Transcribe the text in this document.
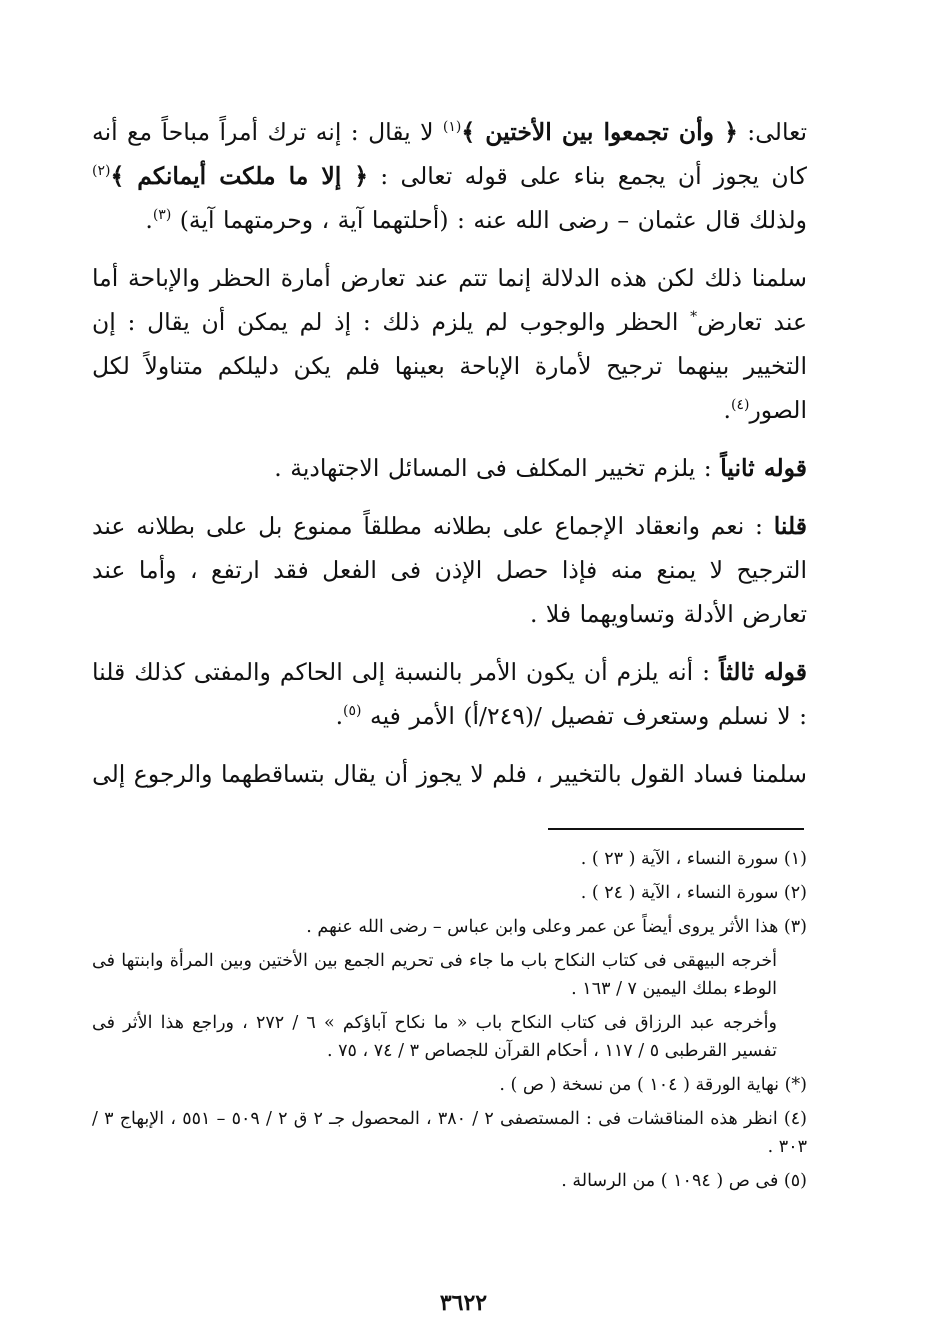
تعالى: ﴿ وأن تجمعوا بين الأختين ﴾$^{(١)}$ لا يقال : إنه ترك أمراً مباحاً مع أنه كان يجوز أن يجمع بناء على قوله تعالى : ﴿ إلا ما ملكت أيمانكم ﴾$^{(٢)}$ ولذلك قال عثمان – رضى الله عنه : (أحلتهما آية ، وحرمتهما آية) $^{(٣)}$.

سلمنا ذلك لكن هذه الدلالة إنما تتم عند تعارض أمارة الحظر والإباحة أما عند تعارض* الحظر والوجوب لم يلزم ذلك : إذ لم يمكن أن يقال : إن التخيير بينهما ترجيح لأمارة الإباحة بعينها فلم يكن دليلكم متناولاً لكل الصور$^{(٤)}$.

قوله ثانياً : يلزم تخيير المكلف فى المسائل الاجتهادية .

قلنا : نعم وانعقاد الإجماع على بطلانه مطلقاً ممنوع بل على بطلانه عند الترجيح لا يمنع منه فإذا حصل الإذن فى الفعل فقد ارتفع ، وأما عند تعارض الأدلة وتساويهما فلا .

قوله ثالثاً : أنه يلزم أن يكون الأمر بالنسبة إلى الحاكم والمفتى كذلك قلنا : لا نسلم وستعرف تفصيل /(٢٤٩/أ) الأمر فيه $^{(٥)}$.

سلمنا فساد القول بالتخيير ، فلم لا يجوز أن يقال بتساقطهما والرجوع إلى

(١) سورة النساء ، الآية ( ٢٣ ) .

(٢) سورة النساء ، الآية ( ٢٤ ) .

(٣) هذا الأثر يروى أيضاً عن عمر وعلى وابن عباس – رضى الله عنهم .

أخرجه البيهقى فى كتاب النكاح باب ما جاء فى تحريم الجمع بين الأختين وبين المرأة وابنتها فى الوطء بملك اليمين ٧ / ١٦٣ .

وأخرجه عبد الرزاق فى كتاب النكاح باب « ما نكاح آباؤكم » ٦ / ٢٧٢ ، وراجع هذا الأثر فى تفسير القرطبى ٥ / ١١٧ ، أحكام القرآن للجصاص ٣ / ٧٤ ، ٧٥ .

(*) نهاية الورقة ( ١٠٤ ) من نسخة ( ص ) .

(٤) انظر هذه المناقشات فى : المستصفى ٢ / ٣٨٠ ، المحصول جـ ٢ ق ٢ / ٥٠٩ – ٥٥١ ، الإبهاج ٣ / ٣٠٣ .

(٥) فى ص ( ١٠٩٤ ) من الرسالة .

٣٦٢٢
